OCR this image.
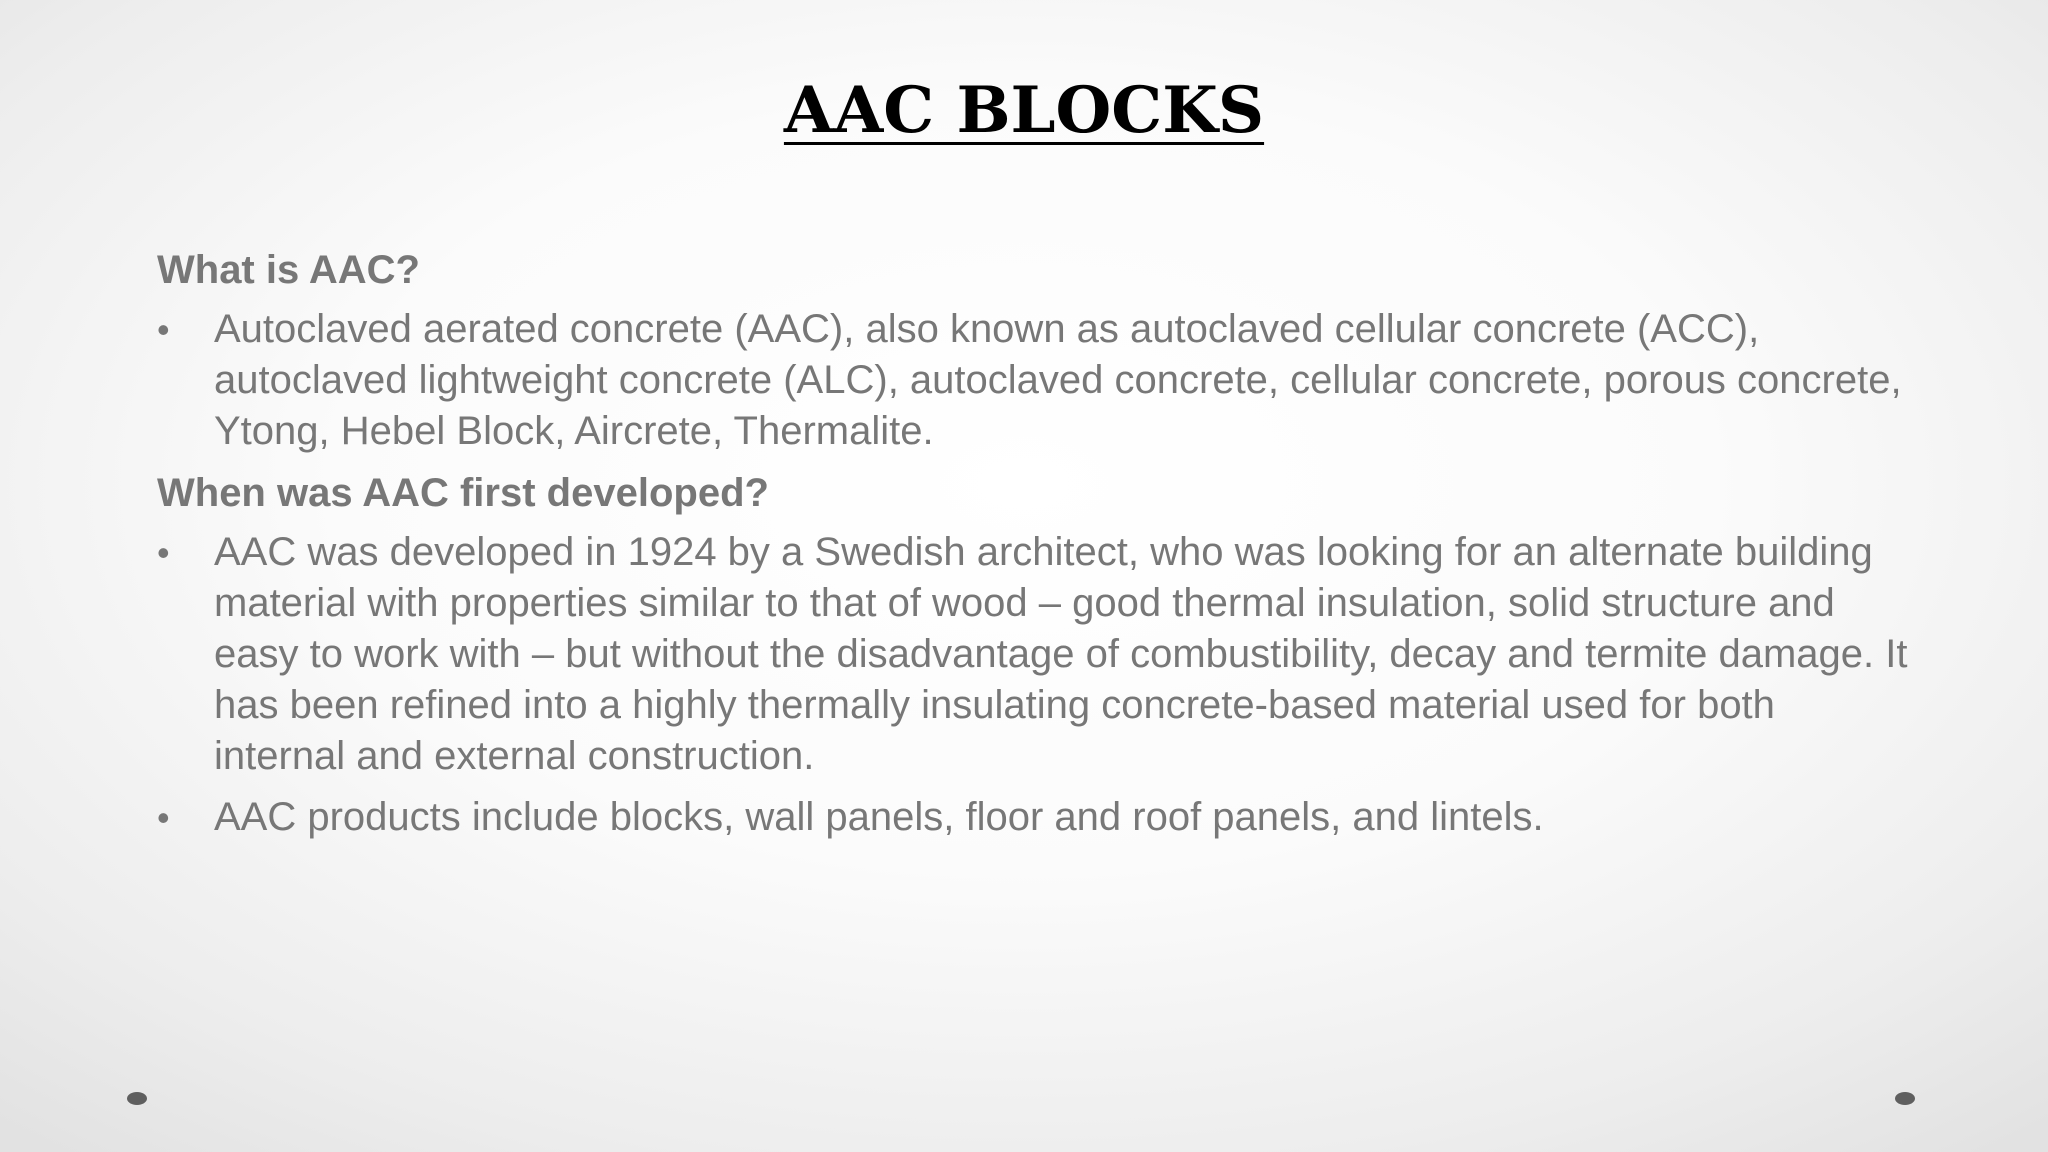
AAC BLOCKS
What is AAC?
• Autoclaved aerated concrete (AAC), also known as autoclaved cellular concrete (ACC), autoclaved lightweight concrete (ALC), autoclaved concrete, cellular concrete, porous concrete, Ytong, Hebel Block, Aircrete, Thermalite.
When was AAC first developed?
• AAC was developed in 1924 by a Swedish architect, who was looking for an alternate building material with properties similar to that of wood – good thermal insulation, solid structure and easy to work with – but without the disadvantage of combustibility, decay and termite damage. It has been refined into a highly thermally insulating concrete-based material used for both internal and external construction.
• AAC products include blocks, wall panels, floor and roof panels, and lintels.
